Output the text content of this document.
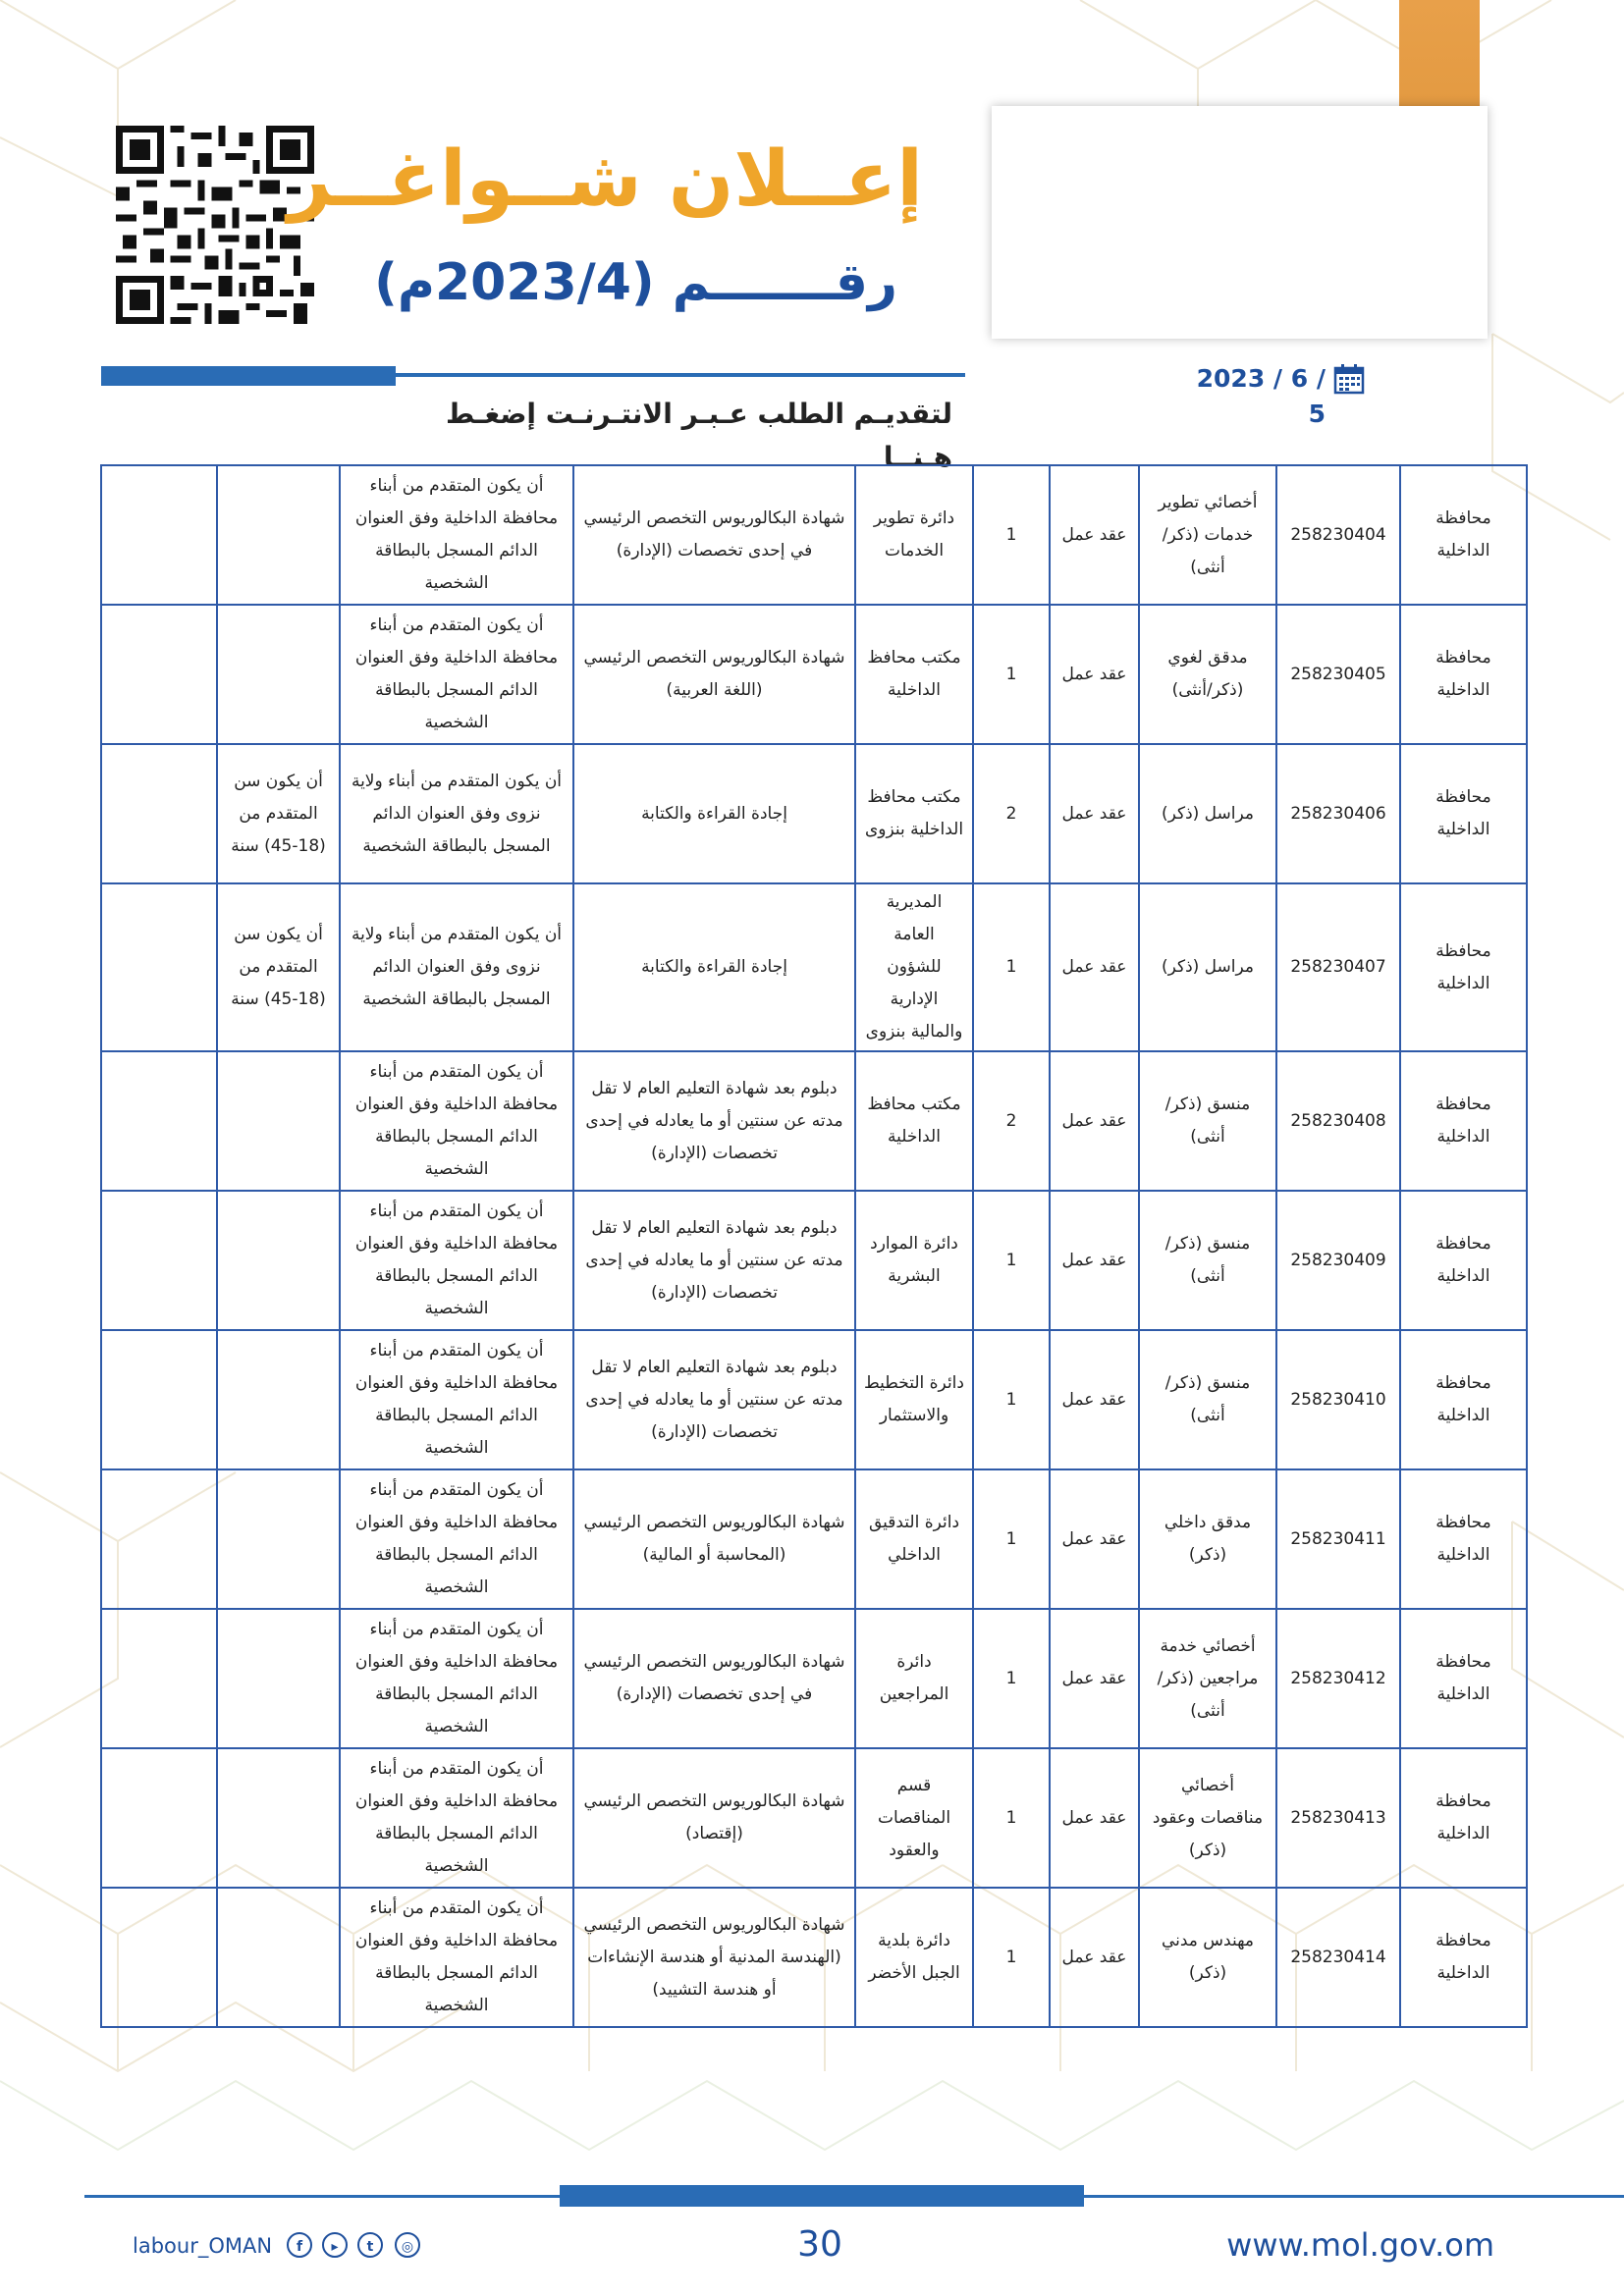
إعــلان شــواغــر
رقـــــــم (2023/4م)
2023 / 6 / 5
لتقديـم الطلب عـبـر الانتـرنـت إضغـط هـنــا
محافظة الداخلية	258230404	أخصائي تطوير خدمات (ذكر/ أنثى)	عقد عمل	1	دائرة تطوير الخدمات	شهادة البكالوريوس التخصص الرئيسي في إحدى تخصصات (الإدارة)	أن يكون المتقدم من أبناء محافظة الداخلية وفق العنوان الدائم المسجل بالبطاقة الشخصية		
محافظة الداخلية	258230405	مدقق لغوي (ذكر/أنثى)	عقد عمل	1	مكتب محافظ الداخلية	شهادة البكالوريوس التخصص الرئيسي (اللغة العربية)	أن يكون المتقدم من أبناء محافظة الداخلية وفق العنوان الدائم المسجل بالبطاقة الشخصية		
محافظة الداخلية	258230406	مراسل (ذكر)	عقد عمل	2	مكتب محافظ الداخلية بنزوى	إجادة القراءة والكتابة	أن يكون المتقدم من أبناء ولاية نزوى وفق العنوان الدائم المسجل بالبطاقة الشخصية	أن يكون سن المتقدم من (18-45) سنة	
محافظة الداخلية	258230407	مراسل (ذكر)	عقد عمل	1	المديرية العامة للشؤون الإدارية والمالية بنزوى	إجادة القراءة والكتابة	أن يكون المتقدم من أبناء ولاية نزوى وفق العنوان الدائم المسجل بالبطاقة الشخصية	أن يكون سن المتقدم من (18-45) سنة	
محافظة الداخلية	258230408	منسق (ذكر/ أنثى)	عقد عمل	2	مكتب محافظ الداخلية	دبلوم بعد شهادة التعليم العام لا تقل مدته عن سنتين أو ما يعادله في إحدى تخصصات (الإدارة)	أن يكون المتقدم من أبناء محافظة الداخلية وفق العنوان الدائم المسجل بالبطاقة الشخصية		
محافظة الداخلية	258230409	منسق (ذكر/ أنثى)	عقد عمل	1	دائرة الموارد البشرية	دبلوم بعد شهادة التعليم العام لا تقل مدته عن سنتين أو ما يعادله في إحدى تخصصات (الإدارة)	أن يكون المتقدم من أبناء محافظة الداخلية وفق العنوان الدائم المسجل بالبطاقة الشخصية		
محافظة الداخلية	258230410	منسق (ذكر/ أنثى)	عقد عمل	1	دائرة التخطيط والاستثمار	دبلوم بعد شهادة التعليم العام لا تقل مدته عن سنتين أو ما يعادله في إحدى تخصصات (الإدارة)	أن يكون المتقدم من أبناء محافظة الداخلية وفق العنوان الدائم المسجل بالبطاقة الشخصية		
محافظة الداخلية	258230411	مدقق داخلي (ذكر)	عقد عمل	1	دائرة التدقيق الداخلي	شهادة البكالوريوس التخصص الرئيسي (المحاسبة أو المالية)	أن يكون المتقدم من أبناء محافظة الداخلية وفق العنوان الدائم المسجل بالبطاقة الشخصية		
محافظة الداخلية	258230412	أخصائي خدمة مراجعين (ذكر/ أنثى)	عقد عمل	1	دائرة المراجعين	شهادة البكالوريوس التخصص الرئيسي في إحدى تخصصات (الإدارة)	أن يكون المتقدم من أبناء محافظة الداخلية وفق العنوان الدائم المسجل بالبطاقة الشخصية		
محافظة الداخلية	258230413	أخصائي مناقصات وعقود (ذكر)	عقد عمل	1	قسم المناقصات والعقود	شهادة البكالوريوس التخصص الرئيسي (إقتصاد)	أن يكون المتقدم من أبناء محافظة الداخلية وفق العنوان الدائم المسجل بالبطاقة الشخصية		
محافظة الداخلية	258230414	مهندس مدني (ذكر)	عقد عمل	1	دائرة بلدية الجبل الأخضر	شهادة البكالوريوس التخصص الرئيسي (الهندسة المدنية أو هندسة الإنشاءات أو هندسة التشييد)	أن يكون المتقدم من أبناء محافظة الداخلية وفق العنوان الدائم المسجل بالبطاقة الشخصية		
labour_OMAN	f	▸	t	◎	30	www.mol.gov.om
